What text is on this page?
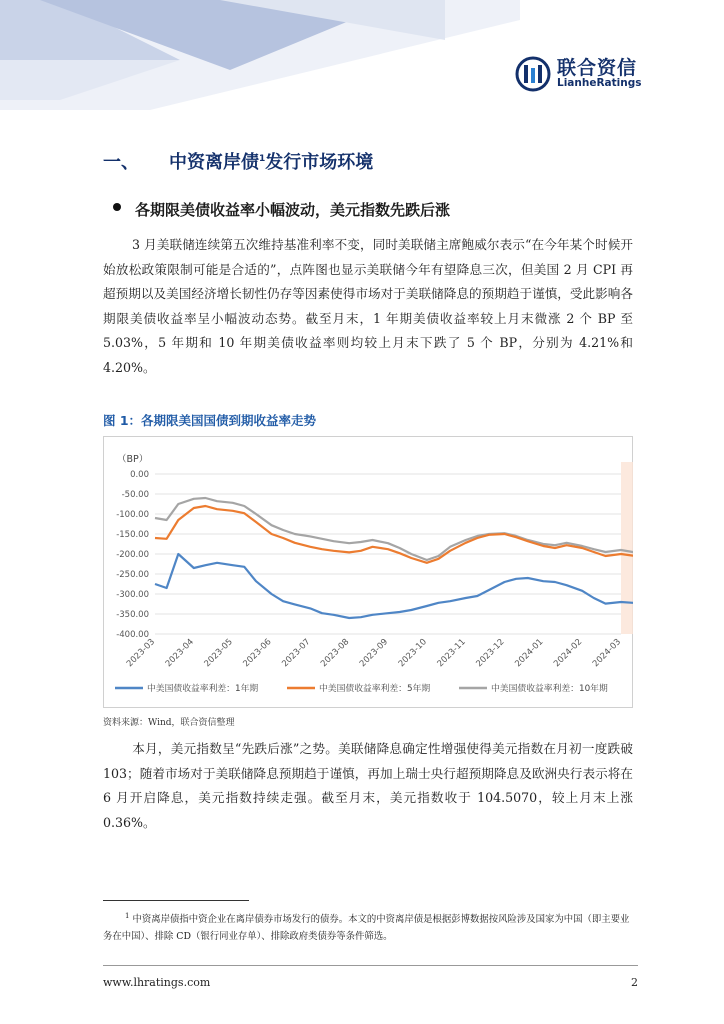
联合资信
LianheRatings
一、 中资离岸债$^1$发行市场环境
各期限美债收益率小幅波动，美元指数先跌后涨
3 月美联储连续第五次维持基准利率不变，同时美联储主席鲍威尔表示“在今年某个时候开始放松政策限制可能是合适的”，点阵图也显示美联储今年有望降息三次，但美国 2 月 CPI 再超预期以及美国经济增长韧性仍存等因素使得市场对于美联储降息的预期趋于谨慎，受此影响各期限美债收益率呈小幅波动态势。截至月末，1 年期美债收益率较上月末微涨 2 个 BP 至 5.03%，5 年期和 10 年期美债收益率则均较上月末下跌了 5 个 BP，分别为 4.21%和 4.20%。
图 1：各期限美国国债到期收益率走势
（BP）
0.00
-50.00
-100.00
-150.00
-200.00
-250.00
-300.00
-350.00
-400.00
2023-03 2023-04 2023-05 2023-06 2023-07 2023-08 2023-09 2023-10 2023-11 2023-12 2024-01 2024-02 2024-03
中美国债收益率利差：1年期	中美国债收益率利差：5年期	中美国债收益率利差：10年期
资料来源：Wind，联合资信整理
本月，美元指数呈“先跌后涨”之势。美联储降息确定性增强使得美元指数在月初一度跌破 103；随着市场对于美联储降息预期趋于谨慎，再加上瑞士央行超预期降息及欧洲央行表示将在 6 月开启降息，美元指数持续走强。截至月末，美元指数收于 104.5070，较上月末上涨 0.36%。
$^1$ 中资离岸债指中资企业在离岸债券市场发行的债券。本文的中资离岸债是根据彭博数据按风险涉及国家为中国（即主要业务在中国）、排除 CD（银行同业存单）、排除政府类债券等条件筛选。
www.lhratings.com	2
